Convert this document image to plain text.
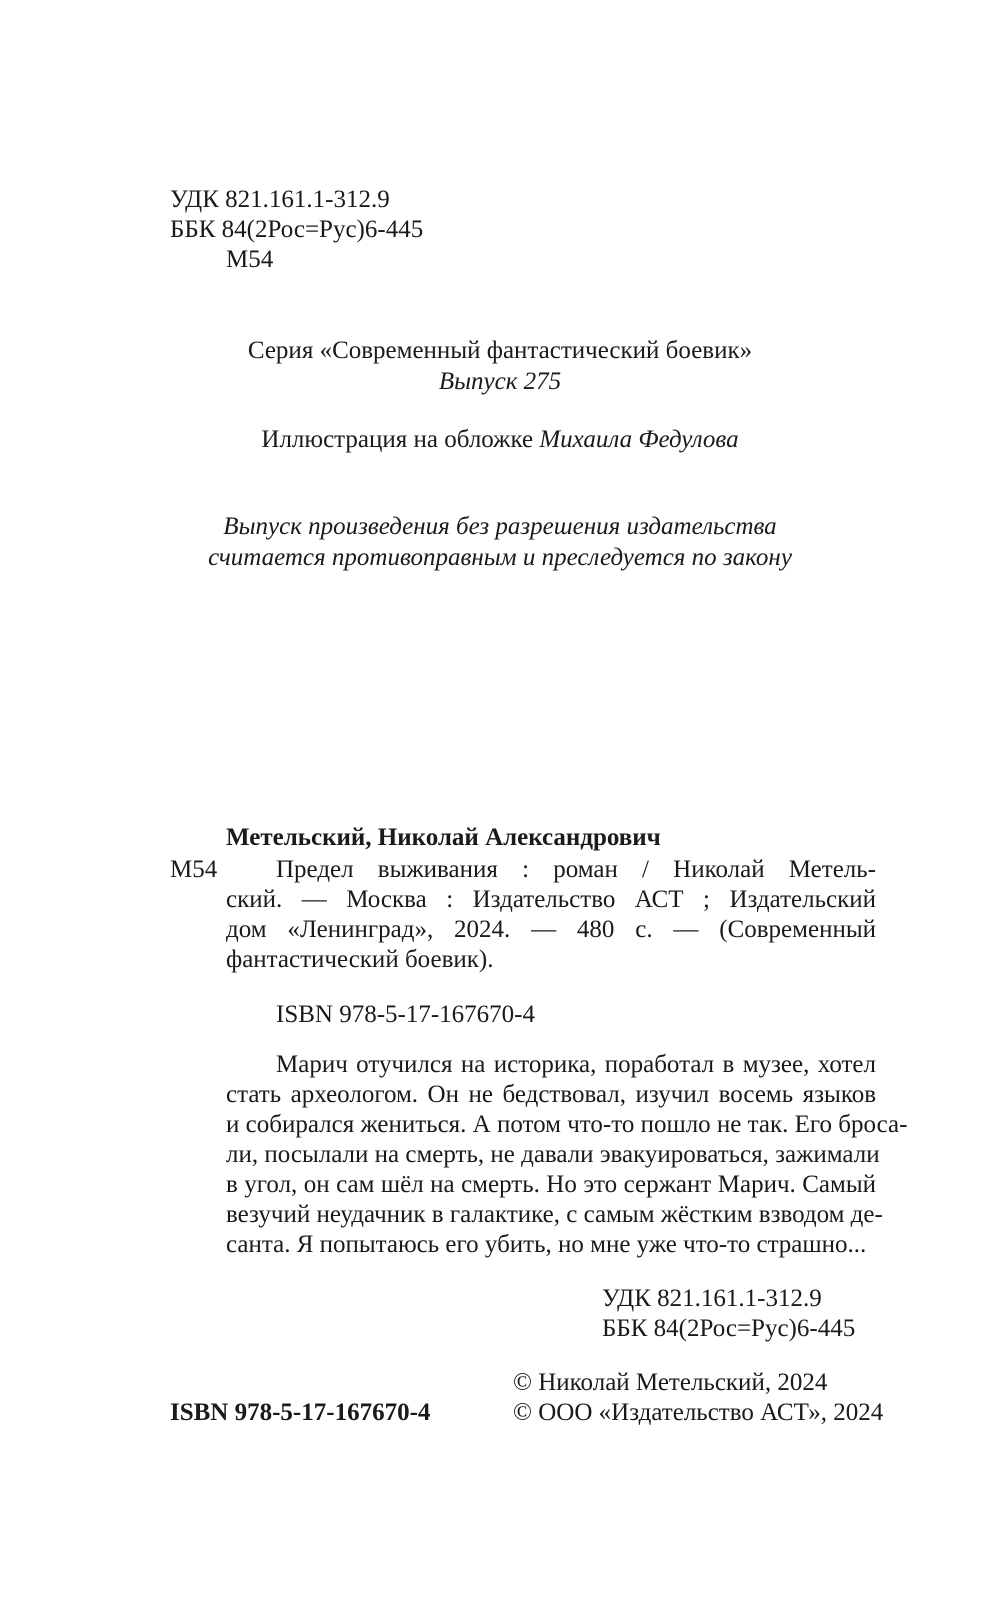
УДК 821.161.1-312.9
ББК 84(2Рос=Рус)6-445
М54
Серия «Современный фантастический боевик»
Выпуск 275
Иллюстрация на обложке Михаила Федулова
Выпуск произведения без разрешения издательства
считается противоправным и преследуется по закону
Метельский, Николай Александрович
М54 Предел выживания : роман / Николай Метель-
ский. — Москва : Издательство АСТ ; Издательский
дом «Ленинград», 2024. — 480 с. — (Современный
фантастический боевик).
ISBN 978-5-17-167670-4
Марич отучился на историка, поработал в музее, хотел
стать археологом. Он не бедствовал, изучил восемь языков
и собирался жениться. А потом что-то пошло не так. Его броса-
ли, посылали на смерть, не давали эвакуироваться, зажимали
в угол, он сам шёл на смерть. Но это сержант Марич. Самый
везучий неудачник в галактике, с самым жёстким взводом де-
санта. Я попытаюсь его убить, но мне уже что-то страшно...
УДК 821.161.1-312.9
ББК 84(2Рос=Рус)6-445
© Николай Метельский, 2024
ISBN 978-5-17-167670-4	© ООО «Издательство АСТ», 2024
